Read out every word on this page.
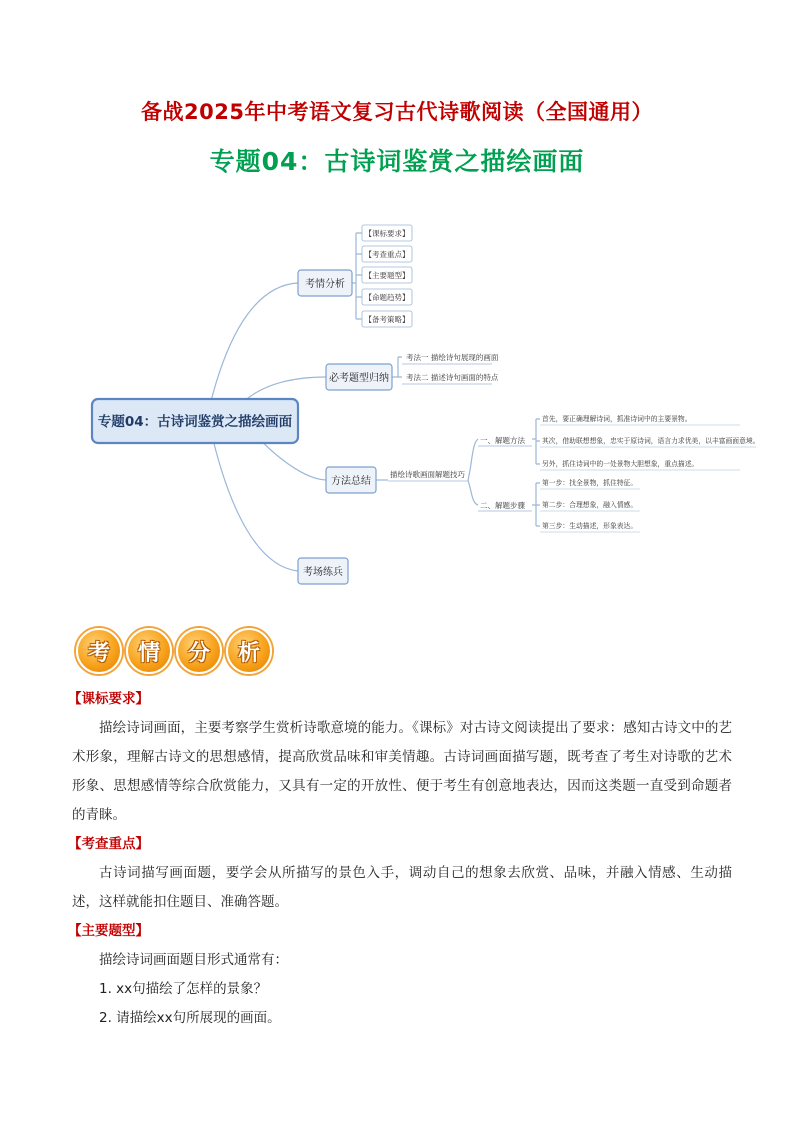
备战2025年中考语文复习古代诗歌阅读（全国通用）
专题04：古诗词鉴赏之描绘画面
专题04：古诗词鉴赏之描绘画面
考情分析
必考题型归纳
方法总结
考场练兵
【课标要求】
【考查重点】
【主要题型】
【命题趋势】
【备考策略】
考法一 描绘诗句展现的画面
考法二 描述诗句画面的特点
描绘诗歌画面解题技巧
一、解题方法
二、解题步骤
首先，要正确理解诗词，抓准诗词中的主要景物。
其次，借助联想想象，忠实于原诗词，语言力求优美，以丰富画面意境。
另外，抓住诗词中的一处景物大胆想象，重点描述。
第一步：找全景物，抓住特征。
第二步：合理想象，融入情感。
第三步：生动描述，形象表达。
考	情	分	析
【课标要求】
描绘诗词画面，主要考察学生赏析诗歌意境的能力。《课标》对古诗文阅读提出了要求：感知古诗文中的艺术形象，理解古诗文的思想感情，提高欣赏品味和审美情趣。古诗词画面描写题，既考查了考生对诗歌的艺术形象、思想感情等综合欣赏能力，又具有一定的开放性、便于考生有创意地表达，因而这类题一直受到命题者的青睐。
【考查重点】
古诗词描写画面题，要学会从所描写的景色入手，调动自己的想象去欣赏、品味，并融入情感、生动描述，这样就能扣住题目、准确答题。
【主要题型】
描绘诗词画面题目形式通常有：
1. xx句描绘了怎样的景象？
2. 请描绘xx句所展现的画面。
